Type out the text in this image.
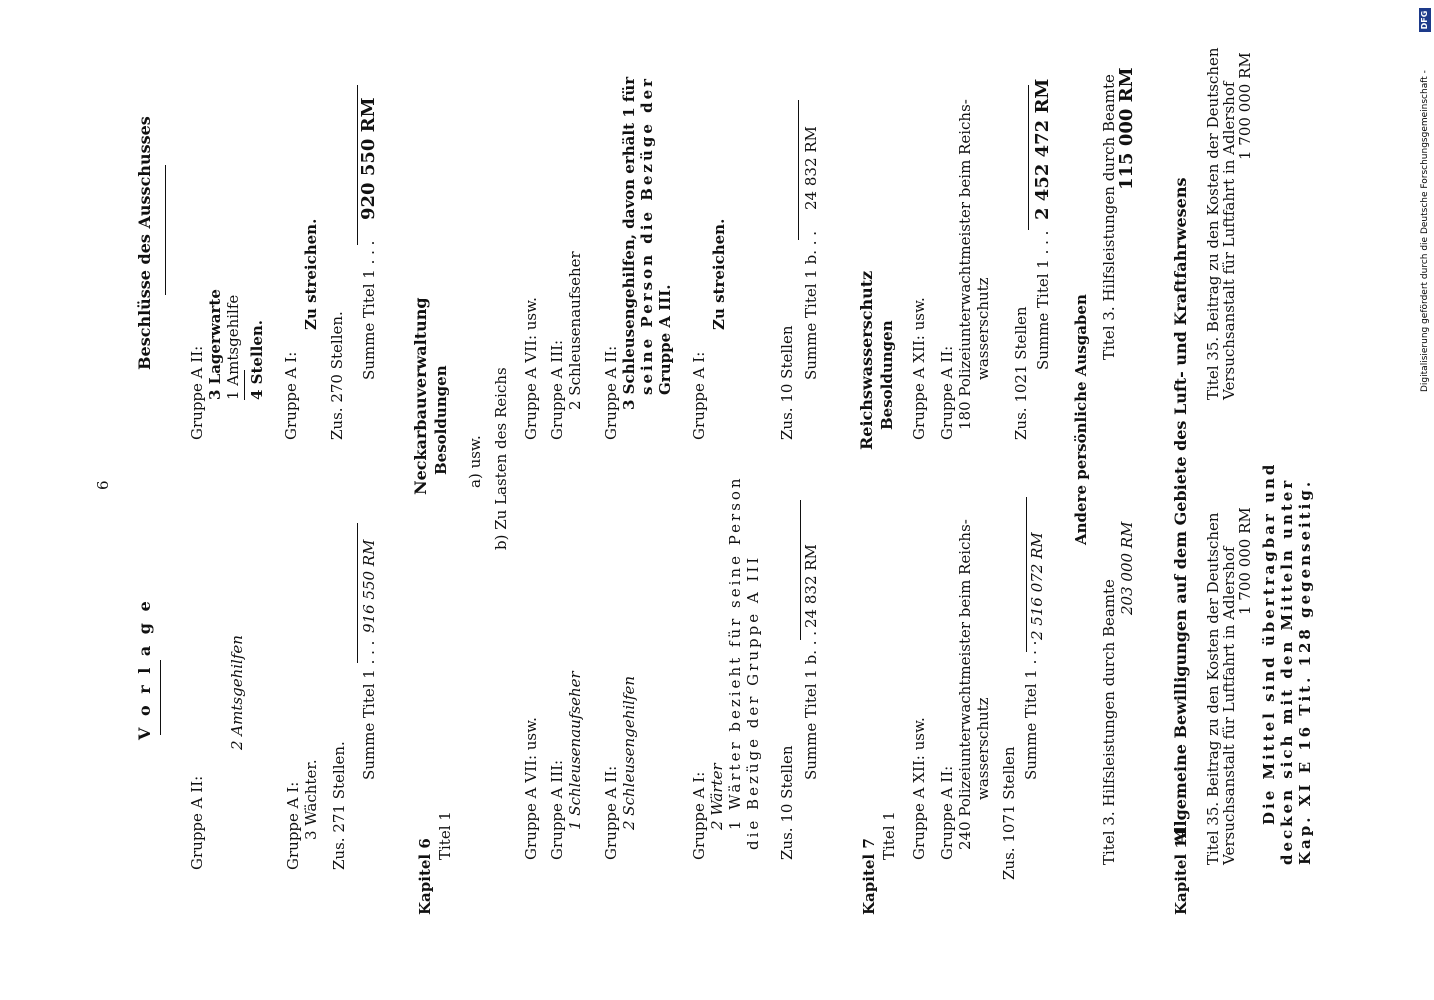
6
V o r l a g e
Gruppe A II:
2 Amtsgehilfen
Gruppe A I: 3 Wächter. Zus. 271 Stellen.
Summe Titel 1 . . .
916 550 RM
Kapitel 6
Titel 1	Gruppe A VII: usw. Gruppe A III: 1 Schleusenaufseher Gruppe A II: 2 Schleusengehilfen	Gruppe A I: 2 Wärter 1 Wärter bezieht für seine Person die Bezüge der Gruppe A III Zus. 10 Stellen
Summe Titel 1 b. . .
24 832 RM
Kapitel 7
Titel 1 Gruppe A XII: usw. Gruppe A II: 240 Polizeiunterwachtmeister beim Reichs- wasserschutz Zus. 1071 Stellen
Summe Titel 1 . . .
2 516 072 RM	Titel 3. Hilfsleistungen durch Beamte
203 000 RM
Kapitel 14
Titel 35. Beitrag zu den Kosten der Deutschen
Versuchsanstalt für Luftfahrt in Adlershof
1 700 000 RM Die Mittel sind übertragbar und decken sich mit den Mitteln unter Kap. XI E 16 Tit. 128 gegenseitig.
Neckarbauverwaltung Besoldungen a) usw. b) Zu Lasten des Reichs
Reichswasserschutz Besoldungen	Andere persönliche Ausgaben	Allgemeine Bewilligungen auf dem Gebiete des Luft- und Kraftfahrwesens
Beschlüsse des Ausschusses
Gruppe A II: 3 Lagerwarte 1 Amtsgehilfe 4 Stellen. Gruppe A I:
Zu streichen.
Zus. 270 Stellen. Summe Titel 1 . . .
920 550 RM
Gruppe A VII: usw. Gruppe A III: 2 Schleusenaufseher Gruppe A II: 3 Schleusengehilfen, davon erhält 1 für seine Person die Bezüge der Gruppe A III.
Gruppe A I:
Zu streichen.
Zus. 10 Stellen
Summe Titel 1 b. . .
24 832 RM
Gruppe A XII: usw. Gruppe A II: 180 Polizeiunterwachtmeister beim Reichs- wasserschutz Zus. 1021 Stellen
Summe Titel 1 . . .
2 452 472 RM	Titel 3. Hilfsleistungen durch Beamte
115 000 RM	Titel 35. Beitrag zu den Kosten der Deutschen
Versuchsanstalt für Luftfahrt in Adlershof
1 700 000 RM
DFG
Digitalisierung gefördert durch die Deutsche Forschungsgemeinschaft -
